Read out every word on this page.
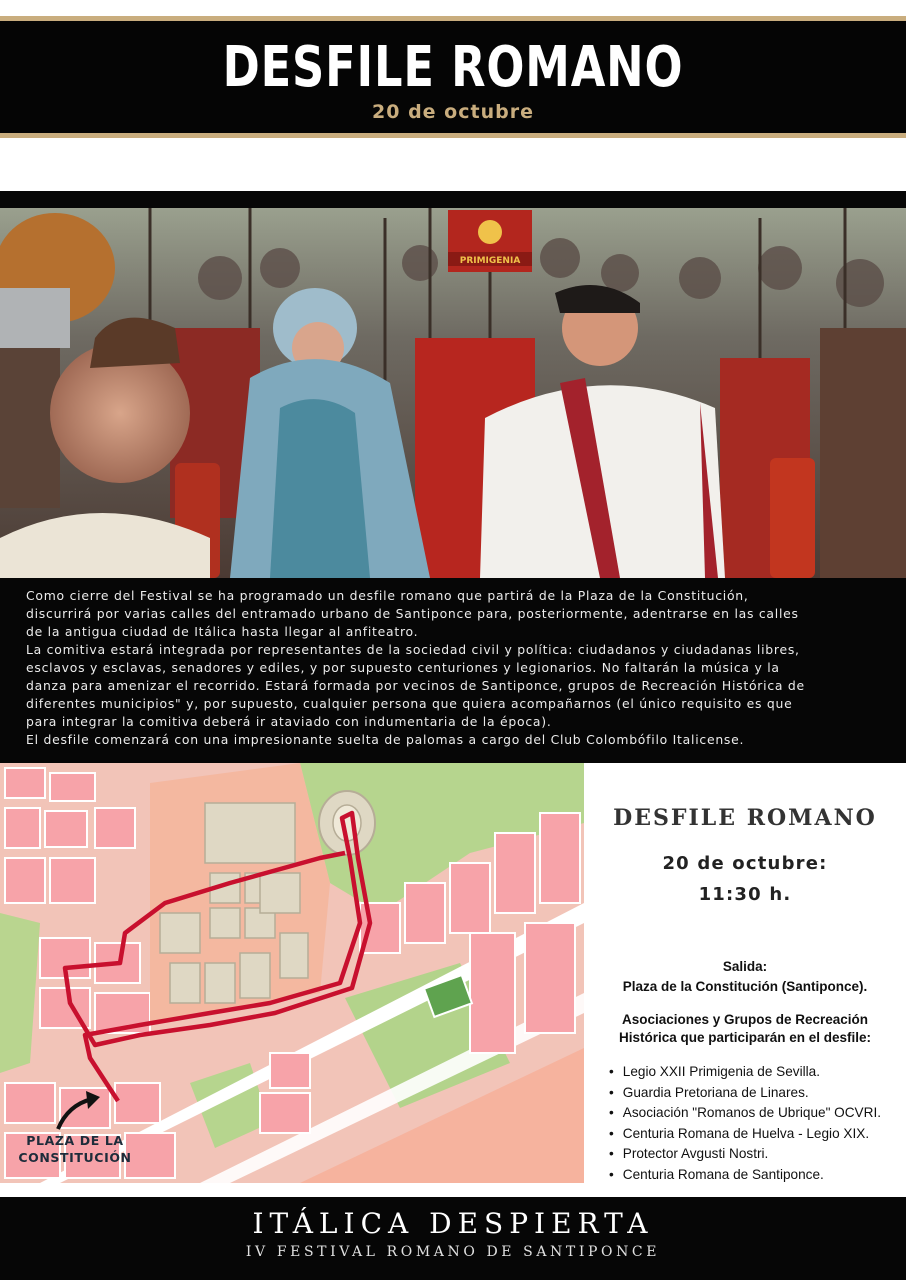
DESFILE ROMANO
20 de octubre
PRIMIGENIA

Como cierre del Festival se ha programado un desfile romano que partirá de la Plaza de la Constitución,

discurrirá por varias calles del entramado urbano de Santiponce para, posteriormente, adentrarse en las calles

de la antigua ciudad de Itálica hasta llegar al anfiteatro.

La comitiva estará integrada por representantes de la sociedad civil y política: ciudadanos y ciudadanas libres,

esclavos y esclavas, senadores y ediles, y por supuesto centuriones y legionarios. No faltarán la música y la

danza para amenizar el recorrido. Estará formada por vecinos de Santiponce, grupos de Recreación Histórica de

diferentes municipios" y, por supuesto, cualquier persona que quiera acompañarnos (el único requisito es que

para integrar la comitiva deberá ir ataviado con indumentaria de la época).

El desfile comenzará con una impresionante suelta de palomas a cargo del Club Colombófilo Italicense.

PLAZA DE LA
CONSTITUCIÓN
DESFILE ROMANO
20 de octubre:
11:30 h.
Salida:
Plaza de la Constitución (Santiponce).
Asociaciones y Grupos de Recreación
Histórica que participarán en el desfile:
• Legio XXII Primigenia de Sevilla.
• Guardia Pretoriana de Linares.
• Asociación "Romanos de Ubrique" OCVRI.
• Centuria Romana de Huelva - Legio XIX.
• Protector Avgusti Nostri.
• Centuria Romana de Santiponce.
ITÁLICA DESPIERTA
IV FESTIVAL ROMANO DE SANTIPONCE
